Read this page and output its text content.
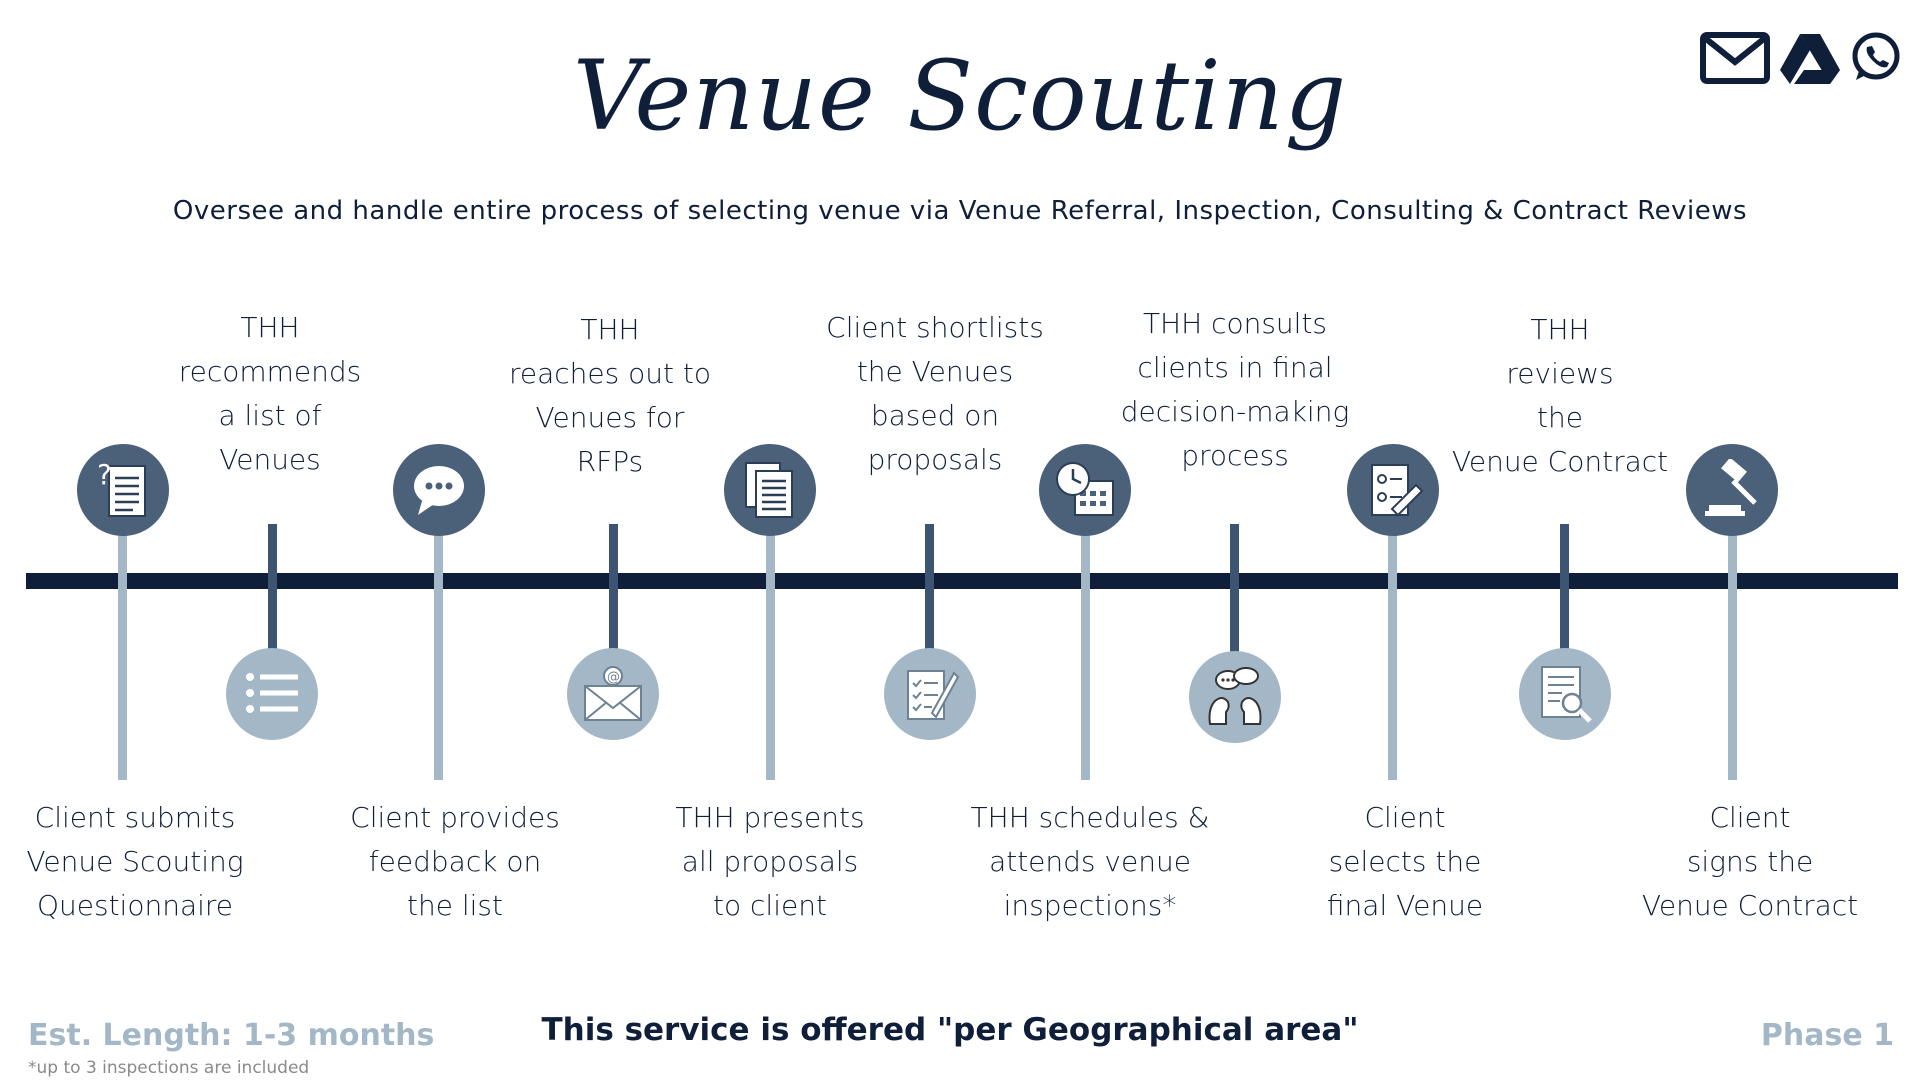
Venue Scouting
Oversee and handle entire process of selecting venue via Venue Referral, Inspection, Consulting & Contract Reviews
?
@
THH
recommends
a list of
Venues
THH
reaches out to
Venues for
RFPs
Client shortlists
the Venues
based on
proposals
THH consults
clients in final
decision-making
process
THH
reviews
the
Venue Contract
Client submits
Venue Scouting
Questionnaire
Client provides
feedback on
the list
THH presents
all proposals
to client
THH schedules &
attends venue
inspections*
Client
selects the
final Venue
Client
signs the
Venue Contract
Est. Length: 1-3 months
*up to 3 inspections are included
This service is offered "per Geographical area"	Phase 1
